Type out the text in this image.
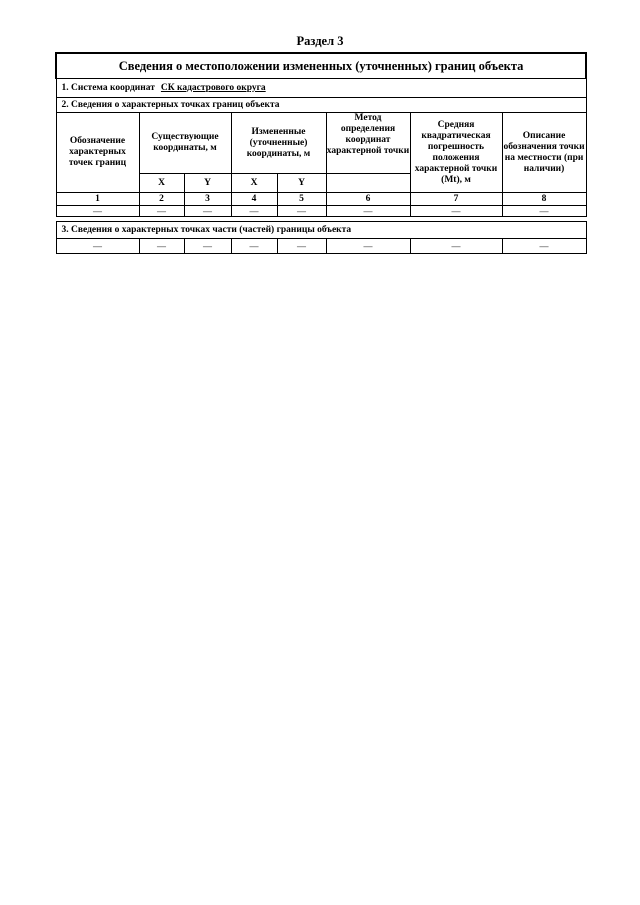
Раздел 3
Сведения о местоположении измененных (уточненных) границ объекта							
1. Система координат СК кадастрового округа							
2. Сведения о характерных точках границ объекта							
Обозначение характерных точек границ	Существующие координаты, м		Измененные (уточненные) координаты, м		Метод определения координат характерной точки	Средняя квадратическая погрешность положения характерной точки (Mt), м	Описание обозначения точки на местности (при наличии)
	X	Y	X	Y			
1	2	3	4	5	6	7	8
—	—	—	—	—	—	—	—

3. Сведения о характерных точках части (частей) границы объекта							
—	—	—	—	—	—	—	—
